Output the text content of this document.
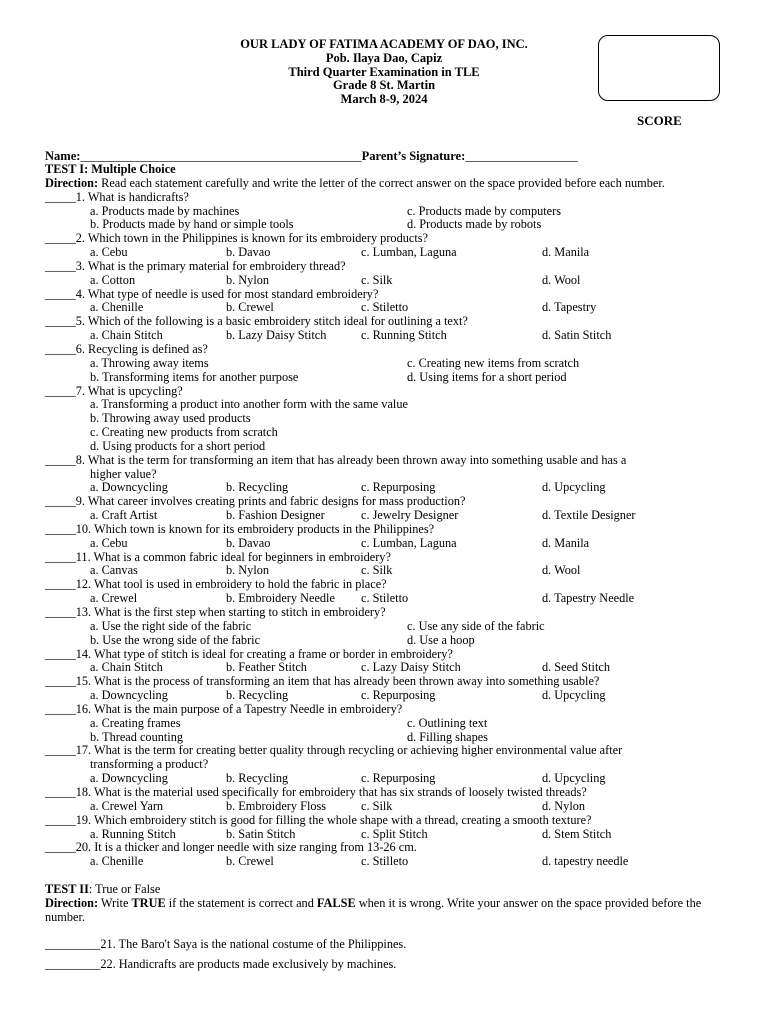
OUR LADY OF FATIMA ACADEMY OF DAO, INC.
Pob. Ilaya Dao, Capiz
Third Quarter Examination in TLE
Grade 8 St. Martin
March 8-9, 2024
SCORE
Name:_____________________________________________Parent’s Signature:__________________

TEST I: Multiple Choice

Direction: Read each statement carefully and write the letter of the correct answer on the space provided before each number.

_____1. What is handicrafts?

a. Products made by machines	c. Products made by computers
b. Products made by hand or simple tools	d. Products made by robots

_____2. Which town in the Philippines is known for its embroidery products?

a. Cebu	b. Davao	c. Lumban, Laguna	d. Manila

_____3. What is the primary material for embroidery thread?

a. Cotton	b. Nylon	c. Silk	d. Wool

_____4. What type of needle is used for most standard embroidery?

a. Chenille	b. Crewel	c. Stiletto	d. Tapestry

_____5. Which of the following is a basic embroidery stitch ideal for outlining a text?

a. Chain Stitch	b. Lazy Daisy Stitch	c. Running Stitch	d. Satin Stitch

_____6. Recycling is defined as?

a. Throwing away items	c. Creating new items from scratch
b. Transforming items for another purpose	d. Using items for a short period

_____7. What is upcycling?

a. Transforming a product into another form with the same value

b. Throwing away used products

c. Creating new products from scratch

d. Using products for a short period

_____8. What is the term for transforming an item that has already been thrown away into something usable and has a

higher value?

a. Downcycling	b. Recycling	c. Repurposing	d. Upcycling

_____9. What career involves creating prints and fabric designs for mass production?

a. Craft Artist	b. Fashion Designer	c. Jewelry Designer	d. Textile Designer

_____10. Which town is known for its embroidery products in the Philippines?

a. Cebu	b. Davao	c. Lumban, Laguna	d. Manila

_____11. What is a common fabric ideal for beginners in embroidery?

a. Canvas	b. Nylon	c. Silk	d. Wool

_____12. What tool is used in embroidery to hold the fabric in place?

a. Crewel	b. Embroidery Needle c. Stiletto	d. Tapestry Needle

_____13. What is the first step when starting to stitch in embroidery?

a. Use the right side of the fabric	c. Use any side of the fabric
b. Use the wrong side of the fabric	d. Use a hoop

_____14. What type of stitch is ideal for creating a frame or border in embroidery?

a. Chain Stitch	b. Feather Stitch	c. Lazy Daisy Stitch	d. Seed Stitch

_____15. What is the process of transforming an item that has already been thrown away into something usable?

a. Downcycling	b. Recycling	c. Repurposing	d. Upcycling

_____16. What is the main purpose of a Tapestry Needle in embroidery?

a. Creating frames	c. Outlining text
b. Thread counting	d. Filling shapes

_____17. What is the term for creating better quality through recycling or achieving higher environmental value after

transforming a product?

a. Downcycling	b. Recycling	c. Repurposing	d. Upcycling

_____18. What is the material used specifically for embroidery that has six strands of loosely twisted threads?

a. Crewel Yarn	b. Embroidery Floss	c. Silk	d. Nylon

_____19. Which embroidery stitch is good for filling the whole shape with a thread, creating a smooth texture?

a. Running Stitch	b. Satin Stitch	c. Split Stitch	d. Stem Stitch

_____20. It is a thicker and longer needle with size ranging from 13-26 cm.

a. Chenille	b. Crewel	c. Stilleto	d. tapestry needle

TEST II: True or False

Direction: Write TRUE if the statement is correct and FALSE when it is wrong. Write your answer on the space provided before the number.

_________21. The Baro't Saya is the national costume of the Philippines.

_________22. Handicrafts are products made exclusively by machines.
